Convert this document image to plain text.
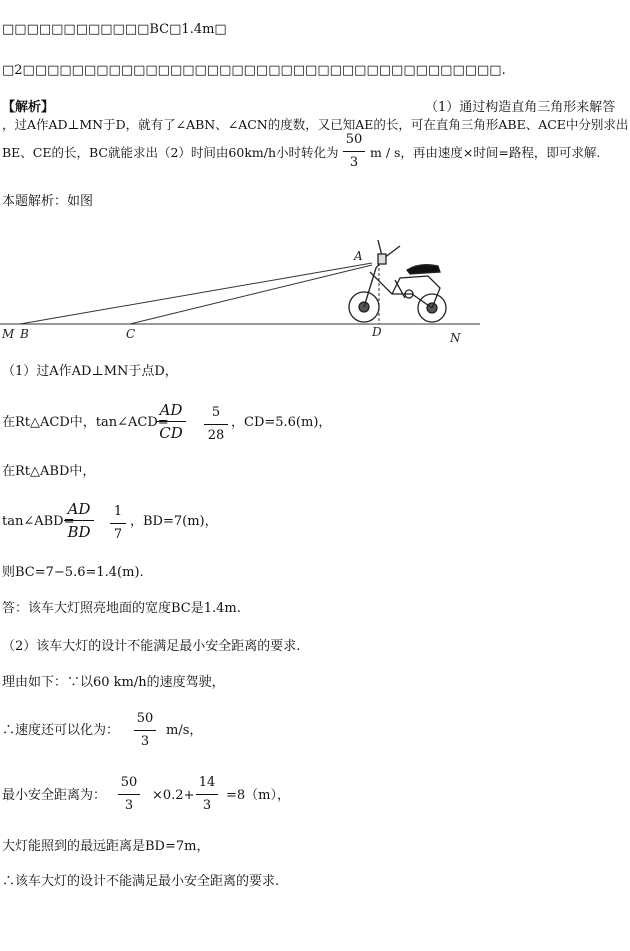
□□□□□□□□□□□□BC□1.4m□
□2□□□□□□□□□□□□□□□□□□□□□□□□□□□□□□□□□□□□□□□.
【解析】	（1）通过构造直角三角形来解答
，过A作AD⊥MN于D，就有了∠ABN、∠ACN的度数，又已知AE的长，可在直角三角形ABE、ACE中分别求出
BE、CE的长，BC就能求出（2）时间由60km/h小时转化为
50
3
m / s，再由速度×时间=路程，即可求解.
本题解析：如图
A
M B	C	D	N
（1）过A作AD⊥MN于点D，
在Rt△ACD中，tan∠ACD=
AD
CD
5
28
，CD=5.6(m)，
在Rt△ABD中，
tan∠ABD=
AD
BD
1
7
，BD=7(m)，
则BC=7−5.6=1.4(m).
答：该车大灯照亮地面的宽度BC是1.4m.
（2）该车大灯的设计不能满足最小安全距离的要求.
理由如下：∵以60 km/h的速度驾驶，
∴速度还可以化为：
50
3
m/s，
最小安全距离为：
50
3
×0.2+
14
3
=8（m），
大灯能照到的最远距离是BD=7m，
∴该车大灯的设计不能满足最小安全距离的要求.
